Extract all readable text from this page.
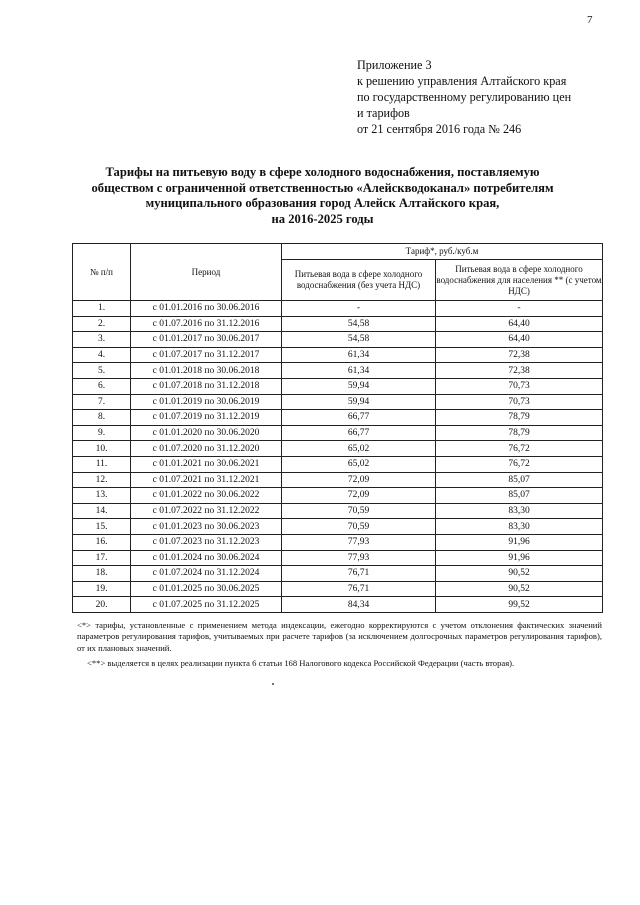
7
Приложение 3
к решению управления Алтайского края
по государственному регулированию цен
и тарифов
от 21 сентября 2016 года № 246
Тарифы на питьевую воду в сфере холодного водоснабжения, поставляемую
обществом с ограниченной ответственностью «Алейскводоканал» потребителям
муниципального образования город Алейск Алтайского края,
на 2016-2025 годы
№ п/п	Период	Тариф*, руб./куб.м	
		Питьевая вода в сфере холодного водоснабжения (без учета НДС)	Питьевая вода в сфере холодного водоснабжения для населения ** (с учетом НДС)
1.	с 01.01.2016 по 30.06.2016	-	-
2.	с 01.07.2016 по 31.12.2016	54,58	64,40
3.	с 01.01.2017 по 30.06.2017	54,58	64,40
4.	с 01.07.2017 по 31.12.2017	61,34	72,38
5.	с 01.01.2018 по 30.06.2018	61,34	72,38
6.	с 01.07.2018 по 31.12.2018	59,94	70,73
7.	с 01.01.2019 по 30.06.2019	59,94	70,73
8.	с 01.07.2019 по 31.12.2019	66,77	78,79
9.	с 01.01.2020 по 30.06.2020	66,77	78,79
10.	с 01.07.2020 по 31.12.2020	65,02	76,72
11.	с 01.01.2021 по 30.06.2021	65,02	76,72
12.	с 01.07.2021 по 31.12.2021	72,09	85,07
13.	с 01.01.2022 по 30.06.2022	72,09	85,07
14.	с 01.07.2022 по 31.12.2022	70,59	83,30
15.	с 01.01.2023 по 30.06.2023	70,59	83,30
16.	с 01.07.2023 по 31.12.2023	77,93	91,96
17.	с 01.01.2024 по 30.06.2024	77,93	91,96
18.	с 01.07.2024 по 31.12.2024	76,71	90,52
19.	с 01.01.2025 по 30.06.2025	76,71	90,52
20.	с 01.07.2025 по 31.12.2025	84,34	99,52

<*> тарифы, установленные с применением метода индексации, ежегодно корректируются с учетом отклонения фактических значений параметров регулирования тарифов, учитываемых при расчете тарифов (за исключением долгосрочных параметров регулирования тарифов), от их плановых значений.

<**> выделяется в целях реализации пункта 6 статьи 168 Налогового кодекса Российской Федерации (часть вторая).
